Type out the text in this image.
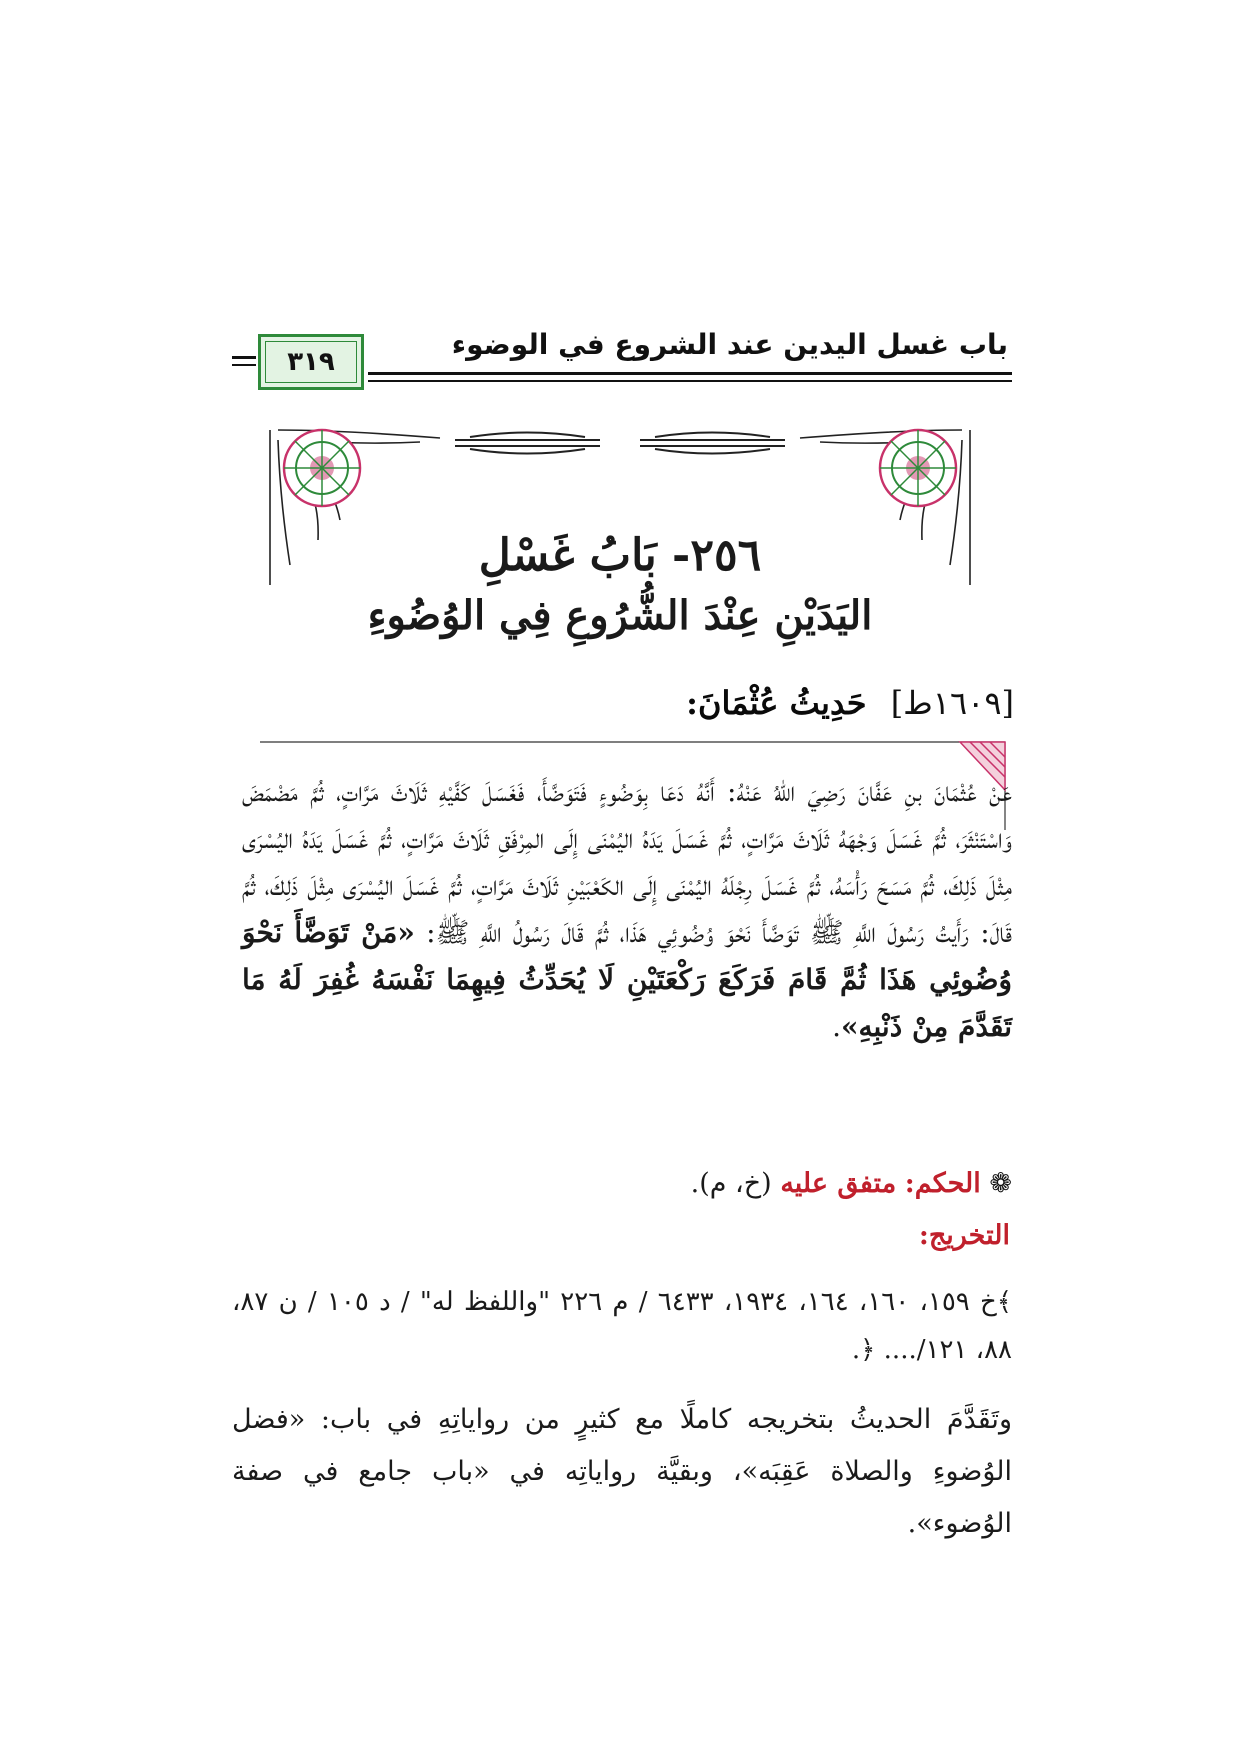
باب غسل اليدين عند الشروع في الوضوء
٣١٩
٢٥٦- بَابُ غَسْلِ
اليَدَيْنِ عِنْدَ الشُّرُوعِ فِي الوُضُوءِ
[١٦٠٩ط] حَدِيثُ عُثْمَانَ:
عَنْ عُثْمَانَ بنِ عَفَّانَ رَضِيَ اللهُ عَنْهُ: أَنَّهُ دَعَا بِوَضُوءٍ فَتَوَضَّأَ، فَغَسَلَ كَفَّيْهِ ثَلَاثَ مَرَّاتٍ، ثُمَّ مَضْمَضَ وَاسْتَنْثَرَ، ثُمَّ غَسَلَ وَجْهَهُ ثَلَاثَ مَرَّاتٍ، ثُمَّ غَسَلَ يَدَهُ اليُمْنَى إِلَى المِرْفَقِ ثَلَاثَ مَرَّاتٍ، ثُمَّ غَسَلَ يَدَهُ اليُسْرَى مِثْلَ ذَلِكَ، ثُمَّ مَسَحَ رَأْسَهُ، ثُمَّ غَسَلَ رِجْلَهُ اليُمْنَى إِلَى الكَعْبَيْنِ ثَلَاثَ مَرَّاتٍ، ثُمَّ غَسَلَ اليُسْرَى مِثْلَ ذَلِكَ، ثُمَّ قَالَ: رَأَيتُ رَسُولَ اللَّهِ ﷺ تَوَضَّأَ نَحْوَ وُضُوئِي هَذَا، ثُمَّ قَالَ رَسُولُ اللَّهِ ﷺ: «مَنْ تَوَضَّأَ نَحْوَ وُضُوئِي هَذَا ثُمَّ قَامَ فَرَكَعَ رَكْعَتَيْنِ لَا يُحَدِّثُ فِيهِمَا نَفْسَهُ غُفِرَ لَهُ مَا تَقَدَّمَ مِنْ ذَنْبِهِ».
❁ الحكم: متفق عليه (خ، م).
التخريج:
﴾خ ١٥٩، ١٦٠، ١٦٤، ١٩٣٤، ٦٤٣٣ / م ٢٢٦ "واللفظ له" / د ١٠٥ / ن ٨٧، ٨٨، ١٢١/.... ﴿.
وتَقَدَّمَ الحديثُ بتخريجه كاملًا مع كثيرٍ من رواياتِهِ في باب: «فضل الوُضوءِ والصلاة عَقِبَه»، وبقيَّة رواياتِه في «باب جامع في صفة الوُضوء».
